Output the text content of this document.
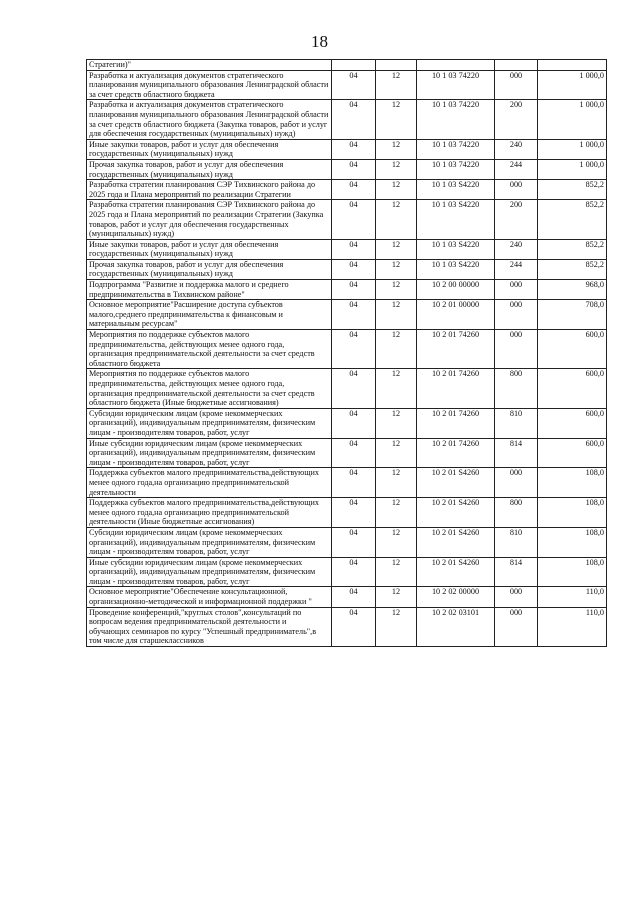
18
Стратегии)"					
Разработка и актуализация документов стратегического планирования муниципального образования Ленинградской области за счет средств областного бюджета	04	12	10 1 03 74220	000	1 000,0
Разработка и актуализация документов стратегического планирования муниципального образования Ленинградской области за счет средств областного бюджета (Закупка товаров, работ и услуг для обеспечения государственных (муниципальных) нужд)	04	12	10 1 03 74220	200	1 000,0
Иные закупки товаров, работ и услуг для обеспечения государственных (муниципальных) нужд	04	12	10 1 03 74220	240	1 000,0
Прочая закупка товаров, работ и услуг для обеспечения государственных (муниципальных) нужд	04	12	10 1 03 74220	244	1 000,0
Разработка стратегии планирования СЭР Тихвинского района до 2025 года и Плана мероприятий по реализации Стратегии	04	12	10 1 03 S4220	000	852,2
Разработка стратегии планирования СЭР Тихвинского района до 2025 года и Плана мероприятий по реализации Стратегии (Закупка товаров, работ и услуг для обеспечения государственных (муниципальных) нужд)	04	12	10 1 03 S4220	200	852,2
Иные закупки товаров, работ и услуг для обеспечения государственных (муниципальных) нужд	04	12	10 1 03 S4220	240	852,2
Прочая закупка товаров, работ и услуг для обеспечения государственных (муниципальных) нужд	04	12	10 1 03 S4220	244	852,2
Подпрограмма "Развитие и поддержка малого и среднего предпринимательства в Тихвинском районе"	04	12	10 2 00 00000	000	968,0
Основное мероприятие"Расширение доступа субъектов малого,среднего предпринимательства к финансовым и материальным ресурсам"	04	12	10 2 01 00000	000	708,0
Мероприятия по поддержке субъектов малого предпринимательства, действующих менее одного года, организация предпринимательской деятельности за счет средств областного бюджета	04	12	10 2 01 74260	000	600,0
Мероприятия по поддержке субъектов малого предпринимательства, действующих менее одного года, организация предпринимательской деятельности за счет средств областного бюджета (Иные бюджетные ассигнования)	04	12	10 2 01 74260	800	600,0
Субсидии юридическим лицам (кроме некоммерческих организаций), индивидуальным предпринимателям, физическим лицам - производителям товаров, работ, услуг	04	12	10 2 01 74260	810	600,0
Иные субсидии юридическим лицам (кроме некоммерческих организаций), индивидуальным предпринимателям, физическим лицам - производителям товаров, работ, услуг	04	12	10 2 01 74260	814	600,0
Поддержка субъектов малого предпринимательства,действующих менее одного года,на организацию предпринимательской деятельности	04	12	10 2 01 S4260	000	108,0
Поддержка субъектов малого предпринимательства,действующих менее одного года,на организацию предпринимательской деятельности (Иные бюджетные ассигнования)	04	12	10 2 01 S4260	800	108,0
Субсидии юридическим лицам (кроме некоммерческих организаций), индивидуальным предпринимателям, физическим лицам - производителям товаров, работ, услуг	04	12	10 2 01 S4260	810	108,0
Иные субсидии юридическим лицам (кроме некоммерческих организаций), индивидуальным предпринимателям, физическим лицам - производителям товаров, работ, услуг	04	12	10 2 01 S4260	814	108,0
Основное мероприятие"Обеспечение консультационной, организационно-методической и информационной поддержки "	04	12	10 2 02 00000	000	110,0
Проведение конференций,"круглых столов",консультаций по вопросам ведения предпринимательской деятельности и обучающих семинаров по курсу "Успешный предприниматель",в том числе для старшеклассников	04	12	10 2 02 03101	000	110,0
